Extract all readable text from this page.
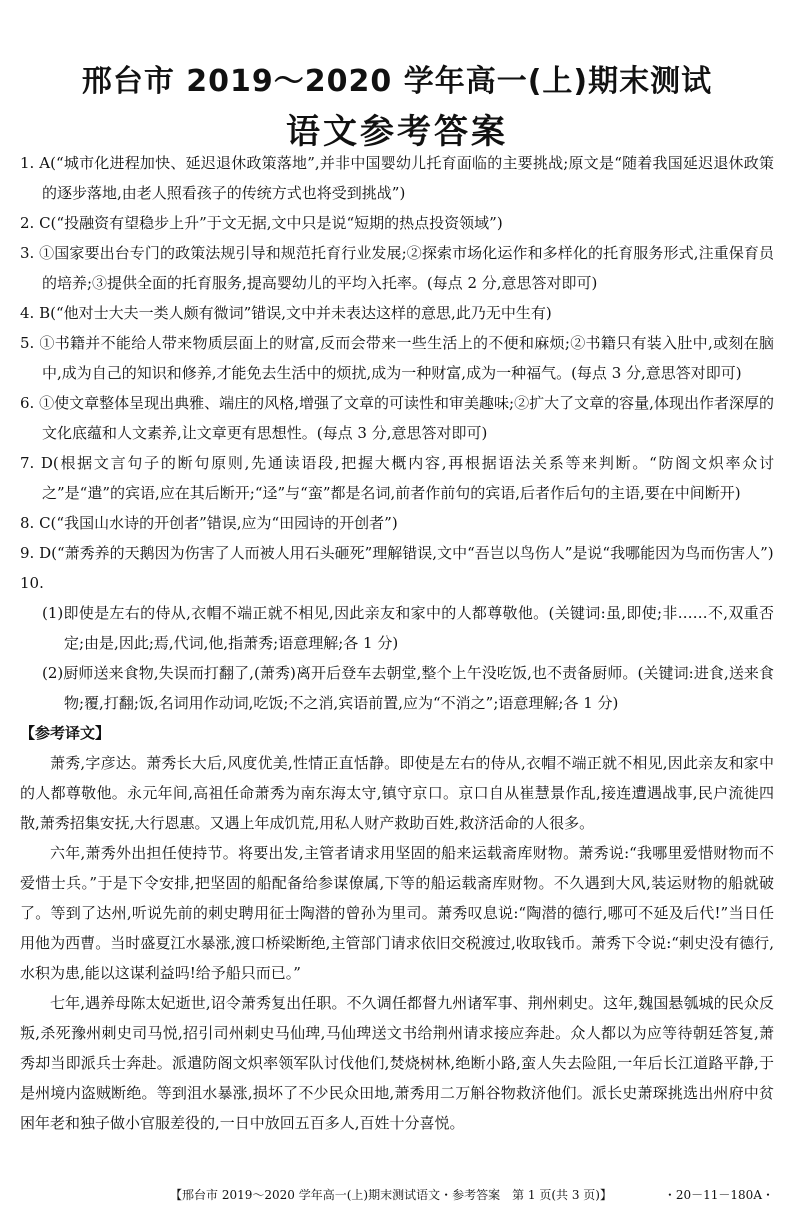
邢台市 2019～2020 学年高一(上)期末测试
语文参考答案

1. A(“城市化进程加快、延迟退休政策落地”,并非中国婴幼儿托育面临的主要挑战;原文是“随着我国延迟退休政策的逐步落地,由老人照看孩子的传统方式也将受到挑战”)

2. C(“投融资有望稳步上升”于文无据,文中只是说“短期的热点投资领域”)

3. ①国家要出台专门的政策法规引导和规范托育行业发展;②探索市场化运作和多样化的托育服务形式,注重保育员的培养;③提供全面的托育服务,提高婴幼儿的平均入托率。(每点 2 分,意思答对即可)

4. B(“他对士大夫一类人颇有微词”错误,文中并未表达这样的意思,此乃无中生有)

5. ①书籍并不能给人带来物质层面上的财富,反而会带来一些生活上的不便和麻烦;②书籍只有装入肚中,或刻在脑中,成为自己的知识和修养,才能免去生活中的烦扰,成为一种财富,成为一种福气。(每点 3 分,意思答对即可)

6. ①使文章整体呈现出典雅、端庄的风格,增强了文章的可读性和审美趣味;②扩大了文章的容量,体现出作者深厚的文化底蕴和人文素养,让文章更有思想性。(每点 3 分,意思答对即可)

7. D(根据文言句子的断句原则,先通读语段,把握大概内容,再根据语法关系等来判断。“防阁文炽率众讨之”是“遣”的宾语,应在其后断开;“迳”与“蛮”都是名词,前者作前句的宾语,后者作后句的主语,要在中间断开)

8. C(“我国山水诗的开创者”错误,应为“田园诗的开创者”)

9. D(“萧秀养的天鹅因为伤害了人而被人用石头砸死”理解错误,文中“吾岂以鸟伤人”是说“我哪能因为鸟而伤害人”)

10.

(1)即使是左右的侍从,衣帽不端正就不相见,因此亲友和家中的人都尊敬他。(关键词:虽,即使;非……不,双重否定;由是,因此;焉,代词,他,指萧秀;语意理解;各 1 分)

(2)厨师送来食物,失误而打翻了,(萧秀)离开后登车去朝堂,整个上午没吃饭,也不责备厨师。(关键词:进食,送来食物;覆,打翻;饭,名词用作动词,吃饭;不之消,宾语前置,应为“不消之”;语意理解;各 1 分)

【参考译文】

萧秀,字彦达。萧秀长大后,风度优美,性情正直恬静。即使是左右的侍从,衣帽不端正就不相见,因此亲友和家中的人都尊敬他。永元年间,高祖任命萧秀为南东海太守,镇守京口。京口自从崔慧景作乱,接连遭遇战事,民户流徙四散,萧秀招集安抚,大行恩惠。又遇上年成饥荒,用私人财产救助百姓,救济活命的人很多。

六年,萧秀外出担任使持节。将要出发,主管者请求用坚固的船来运载斋库财物。萧秀说:“我哪里爱惜财物而不爱惜士兵。”于是下令安排,把坚固的船配备给参谋僚属,下等的船运载斋库财物。不久遇到大风,装运财物的船就破了。等到了达州,听说先前的刺史聘用征士陶潜的曾孙为里司。萧秀叹息说:“陶潜的德行,哪可不延及后代!”当日任用他为西曹。当时盛夏江水暴涨,渡口桥梁断绝,主管部门请求依旧交税渡过,收取钱币。萧秀下令说:“刺史没有德行,水积为患,能以这谋利益吗!给予船只而已。”

七年,遇养母陈太妃逝世,诏令萧秀复出任职。不久调任都督九州诸军事、荆州刺史。这年,魏国悬瓠城的民众反叛,杀死豫州刺史司马悦,招引司州刺史马仙琕,马仙琕送文书给荆州请求接应奔赴。众人都以为应等待朝廷答复,萧秀却当即派兵士奔赴。派遣防阁文炽率领军队讨伐他们,焚烧树林,绝断小路,蛮人失去险阻,一年后长江道路平静,于是州境内盗贼断绝。等到沮水暴涨,损坏了不少民众田地,萧秀用二万斛谷物救济他们。派长史萧琛挑选出州府中贫困年老和独子做小官服差役的,一日中放回五百多人,百姓十分喜悦。

【邢台市 2019～2020 学年高一(上)期末测试语文・参考答案　第 1 页(共 3 页)】	・20－11－180A・
